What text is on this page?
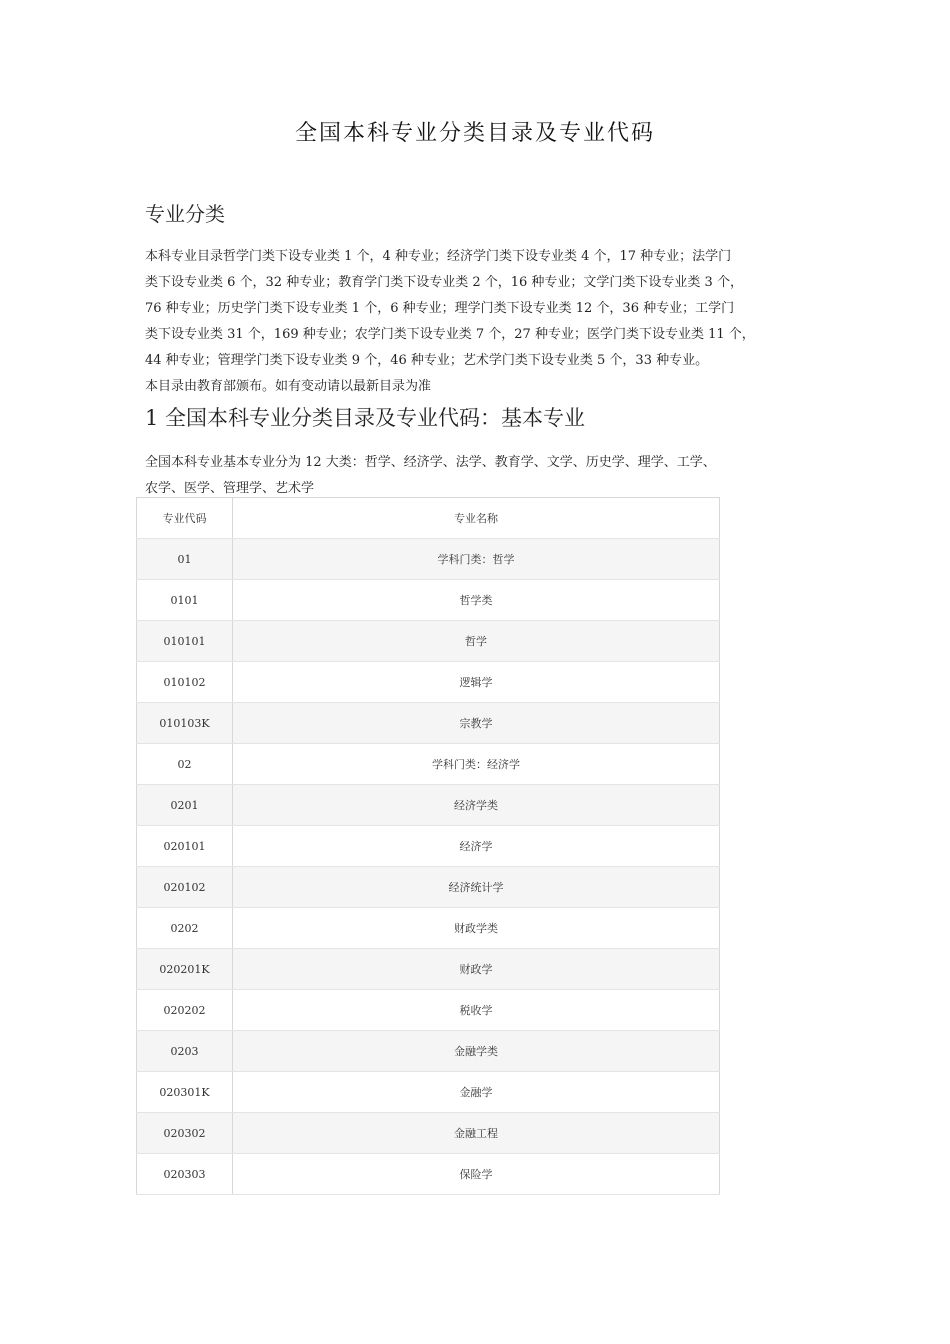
全国本科专业分类目录及专业代码
专业分类
本科专业目录哲学门类下设专业类 1 个，4 种专业；经济学门类下设专业类 4 个，17 种专业；法学门
类下设专业类 6 个，32 种专业；教育学门类下设专业类 2 个，16 种专业；文学门类下设专业类 3 个，
76 种专业；历史学门类下设专业类 1 个，6 种专业；理学门类下设专业类 12 个，36 种专业；工学门
类下设专业类 31 个，169 种专业；农学门类下设专业类 7 个，27 种专业；医学门类下设专业类 11 个，
44 种专业；管理学门类下设专业类 9 个，46 种专业；艺术学门类下设专业类 5 个，33 种专业。
本目录由教育部颁布。如有变动请以最新目录为准
1 全国本科专业分类目录及专业代码：基本专业
全国本科专业基本专业分为 12 大类：哲学、经济学、法学、教育学、文学、历史学、理学、工学、
农学、医学、管理学、艺术学
专业代码	专业名称
01	学科门类：哲学
0101	哲学类
010101	哲学
010102	逻辑学
010103K	宗教学
02	学科门类：经济学
0201	经济学类
020101	经济学
020102	经济统计学
0202	财政学类
020201K	财政学
020202	税收学
0203	金融学类
020301K	金融学
020302	金融工程
020303	保险学
